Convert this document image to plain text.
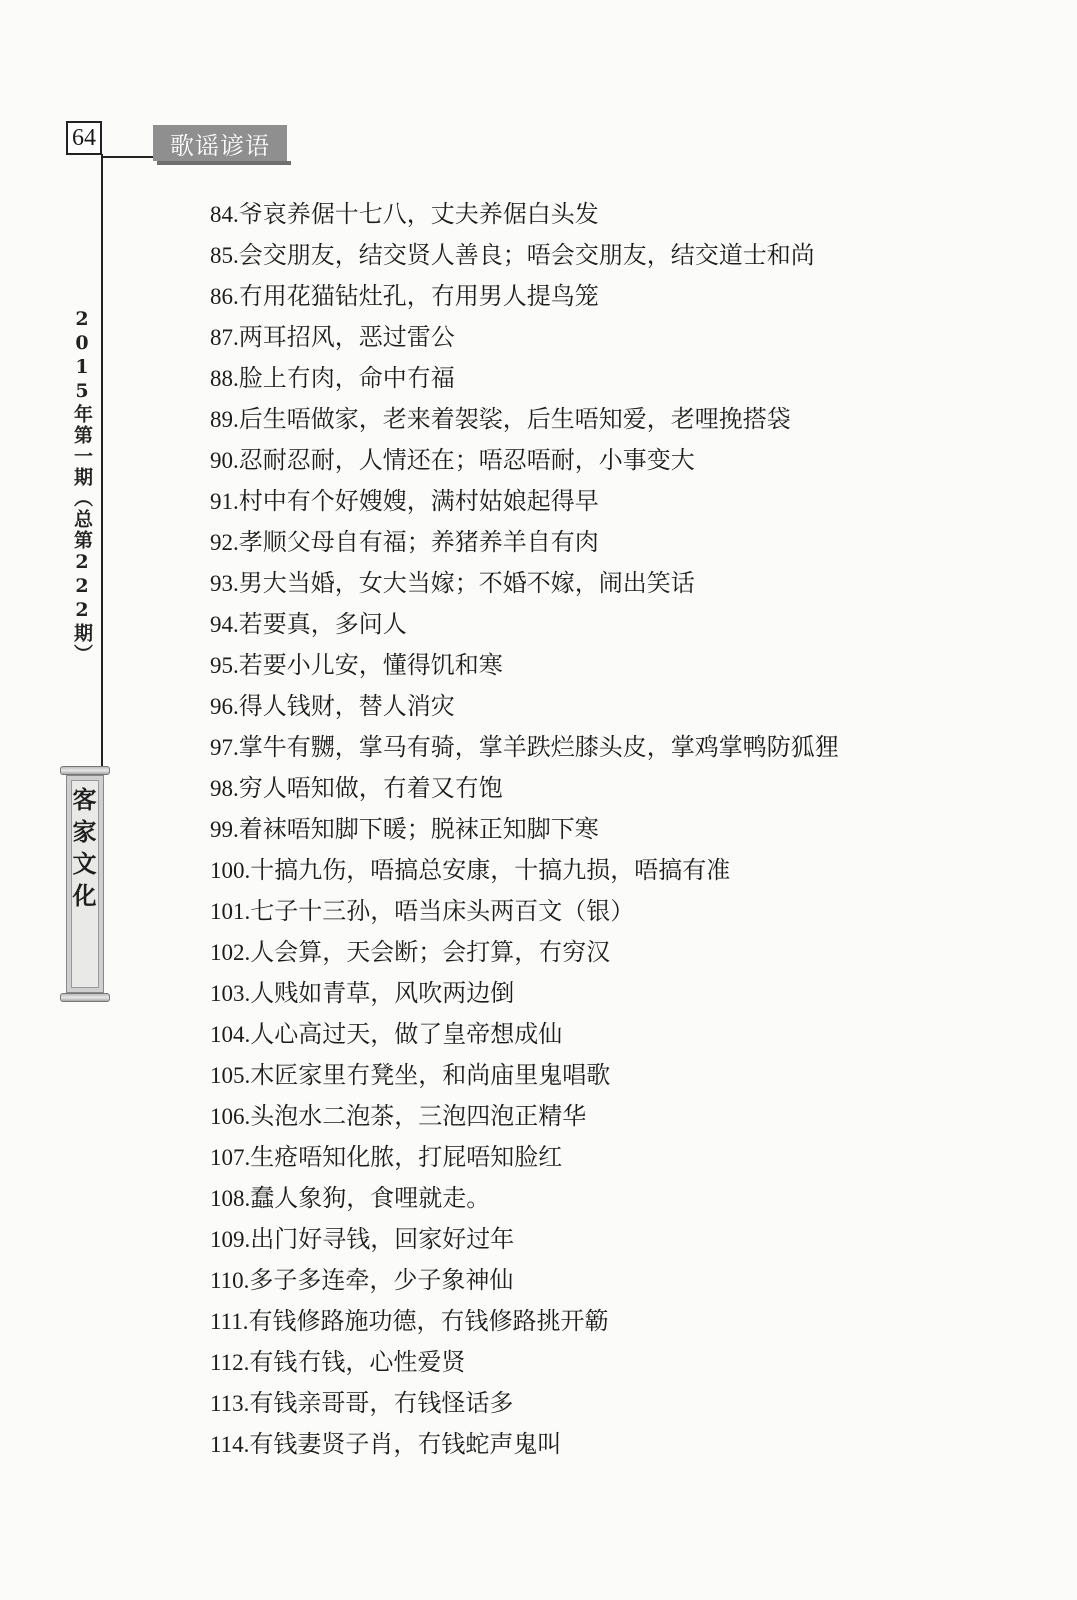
64	歌谣谚语
2015年第一期（总第222期）
客家文化
84.爷哀养倨十七八，丈夫养倨白头发
85.会交朋友，结交贤人善良；唔会交朋友，结交道士和尚
86.冇用花猫钻灶孔，冇用男人提鸟笼
87.两耳招风，恶过雷公
88.脸上冇肉，命中冇福
89.后生唔做家，老来着袈裟，后生唔知爱，老哩挽搭袋
90.忍耐忍耐，人情还在；唔忍唔耐，小事变大
91.村中有个好嫂嫂，满村姑娘起得早
92.孝顺父母自有福；养猪养羊自有肉
93.男大当婚，女大当嫁；不婚不嫁，闹出笑话
94.若要真，多问人
95.若要小儿安，懂得饥和寒
96.得人钱财，替人消灾
97.掌牛有嬲，掌马有骑，掌羊跌烂膝头皮，掌鸡掌鸭防狐狸
98.穷人唔知做，冇着又冇饱
99.着袜唔知脚下暖；脱袜正知脚下寒
100.十搞九伤，唔搞总安康，十搞九损，唔搞有准
101.七子十三孙，唔当床头两百文（银）
102.人会算，天会断；会打算，冇穷汉
103.人贱如青草，风吹两边倒
104.人心高过天，做了皇帝想成仙
105.木匠家里冇凳坐，和尚庙里鬼唱歌
106.头泡水二泡茶，三泡四泡正精华
107.生疮唔知化脓，打屁唔知脸红
108.蠢人象狗，食哩就走。
109.出门好寻钱，回家好过年
110.多子多连牵，少子象神仙
111.有钱修路施功德，冇钱修路挑开簕
112.有钱冇钱，心性爱贤
113.有钱亲哥哥，冇钱怪话多
114.有钱妻贤子肖，冇钱蛇声鬼叫
